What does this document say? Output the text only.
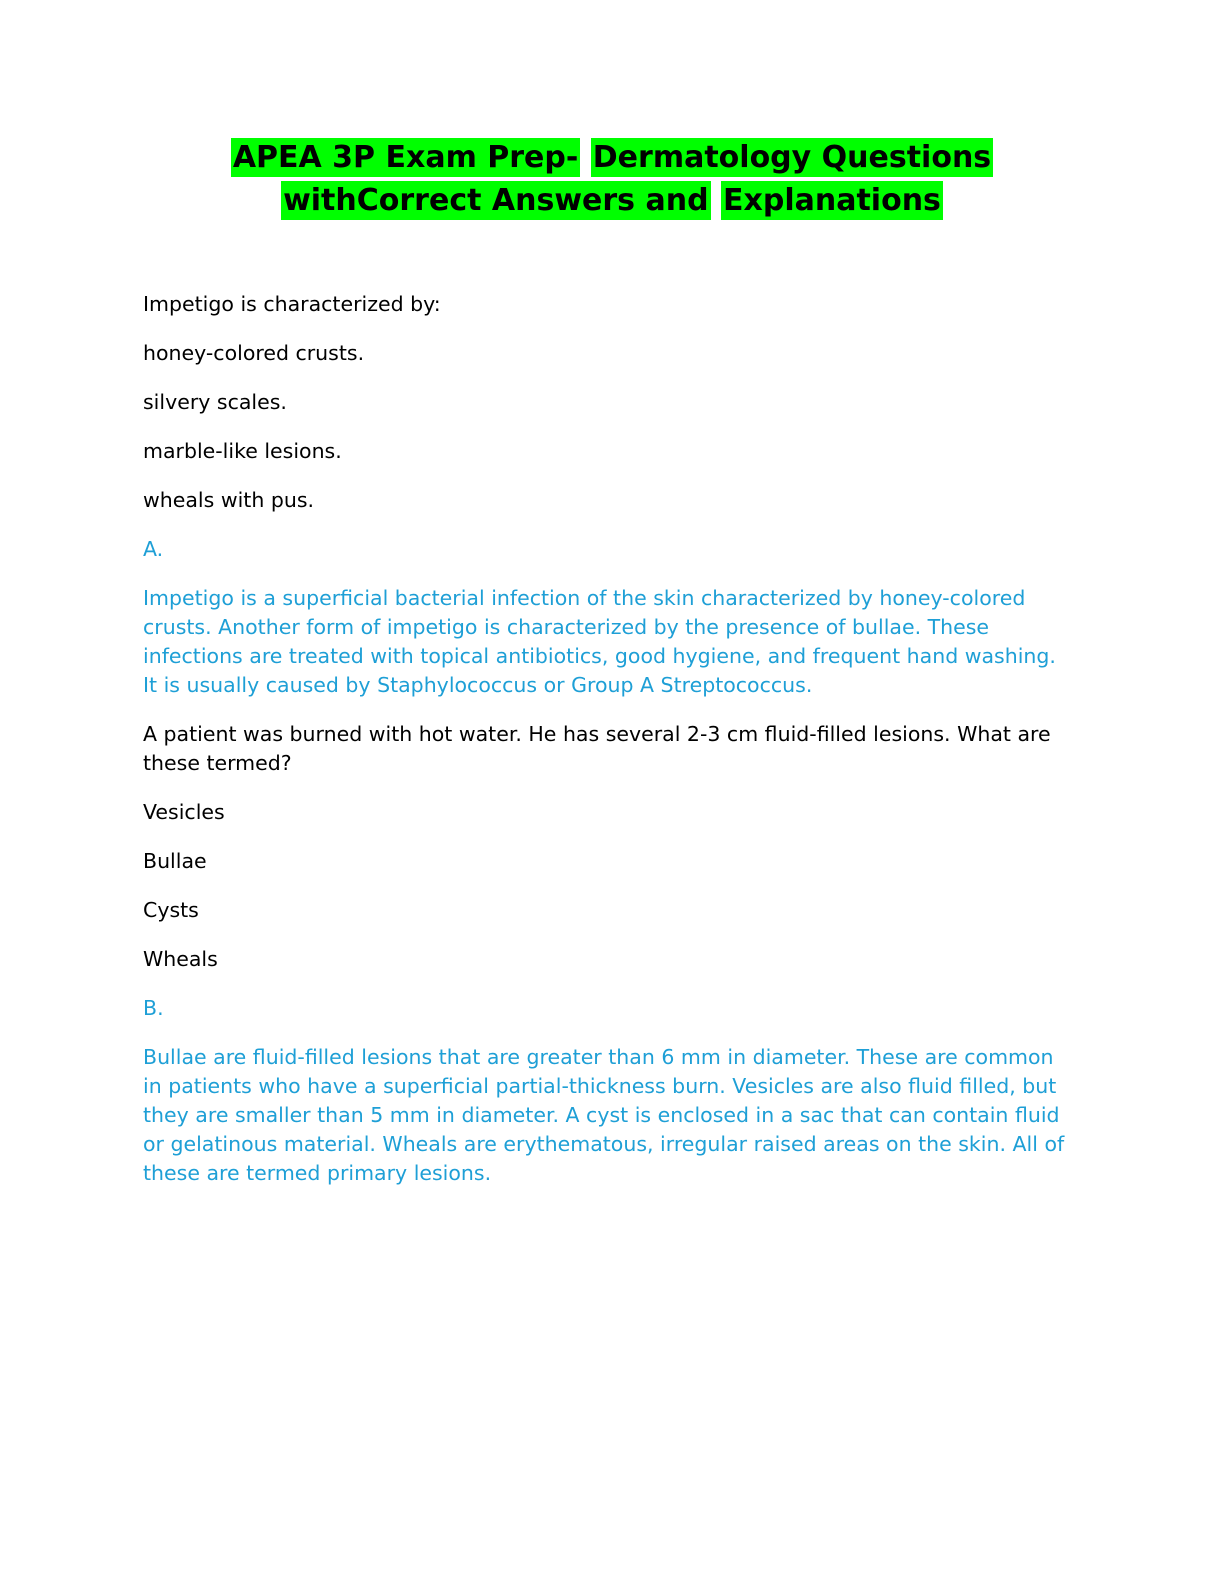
APEA 3P Exam Prep- Dermatology Questions
withCorrect Answers and Explanations

Impetigo is characterized by:

honey-colored crusts.

silvery scales.

marble-like lesions.

wheals with pus.

A.

Impetigo is a superficial bacterial infection of the skin characterized by honey-colored crusts. Another form of impetigo is characterized by the presence of bullae. These infections are treated with topical antibiotics, good hygiene, and frequent hand washing. It is usually caused by Staphylococcus or Group A Streptococcus.

A patient was burned with hot water. He has several 2-3 cm fluid-filled lesions. What are these termed?

Vesicles

Bullae

Cysts

Wheals

B.

Bullae are fluid-filled lesions that are greater than 6 mm in diameter. These are common in patients who have a superficial partial-thickness burn. Vesicles are also fluid filled, but they are smaller than 5 mm in diameter. A cyst is enclosed in a sac that can contain fluid or gelatinous material. Wheals are erythematous, irregular raised areas on the skin. All of these are termed primary lesions.
